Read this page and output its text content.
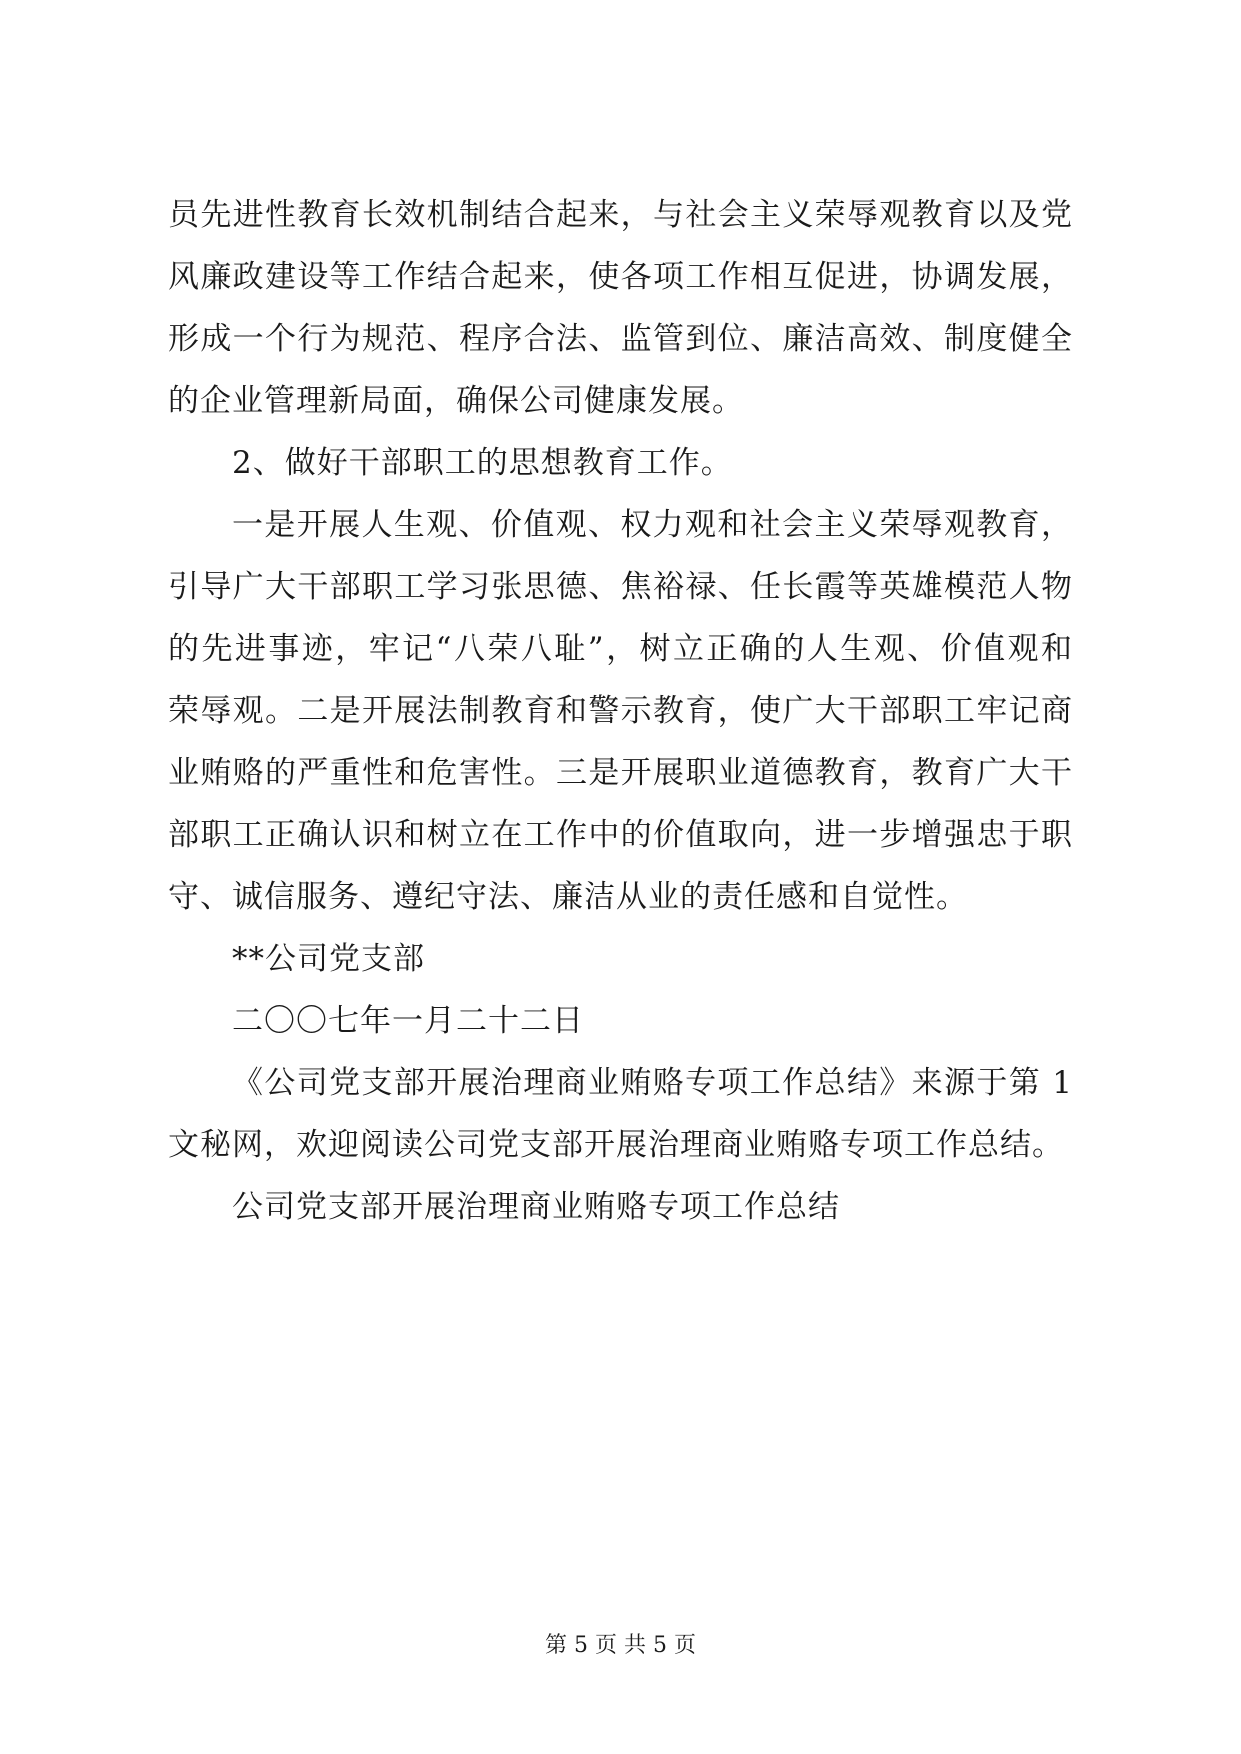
员先进性教育长效机制结合起来，与社会主义荣辱观教育以及党
风廉政建设等工作结合起来，使各项工作相互促进，协调发展，
形成一个行为规范、程序合法、监管到位、廉洁高效、制度健全
的企业管理新局面，确保公司健康发展。
2、做好干部职工的思想教育工作。
一是开展人生观、价值观、权力观和社会主义荣辱观教育，
引导广大干部职工学习张思德、焦裕禄、任长霞等英雄模范人物
的先进事迹，牢记“八荣八耻”，树立正确的人生观、价值观和
荣辱观。二是开展法制教育和警示教育，使广大干部职工牢记商
业贿赂的严重性和危害性。三是开展职业道德教育，教育广大干
部职工正确认识和树立在工作中的价值取向，进一步增强忠于职
守、诚信服务、遵纪守法、廉洁从业的责任感和自觉性。
**公司党支部
二〇〇七年一月二十二日
《公司党支部开展治理商业贿赂专项工作总结》来源于第 1
文秘网，欢迎阅读公司党支部开展治理商业贿赂专项工作总结。
公司党支部开展治理商业贿赂专项工作总结
第 5 页 共 5 页
